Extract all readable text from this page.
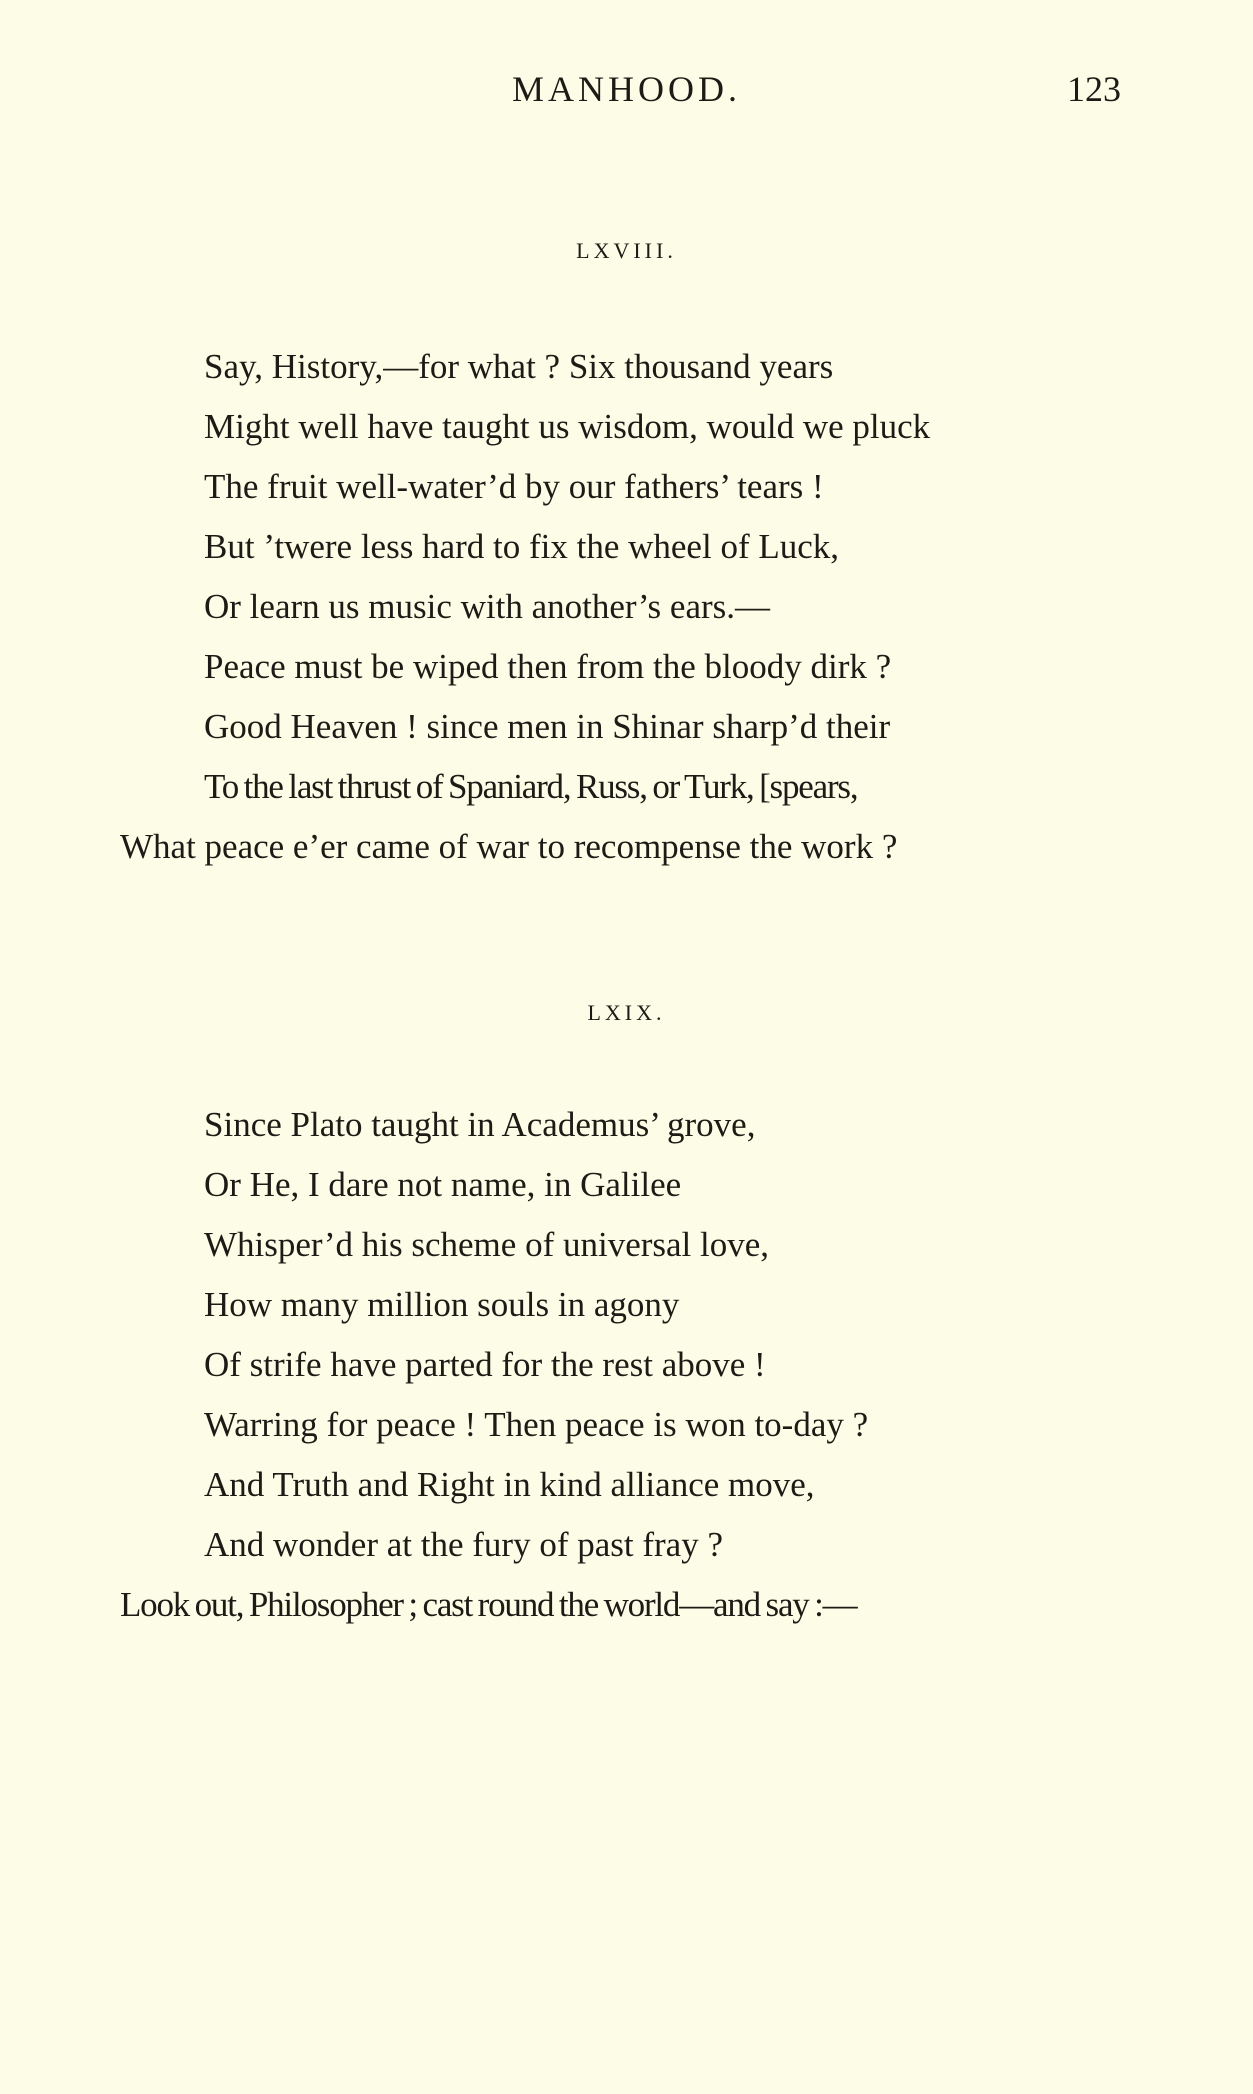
MANHOOD.	123
LXVIII.
Say, History,—for what ? Six thousand years
Might well have taught us wisdom, would we pluck
The fruit well-water’d by our fathers’ tears !
But ’twere less hard to fix the wheel of Luck,
Or learn us music with another’s ears.—
Peace must be wiped then from the bloody dirk ?
Good Heaven ! since men in Shinar sharp’d their
To the last thrust of Spaniard, Russ, or Turk, [spears,
What peace e’er came of war to recompense the work ?
LXIX.
Since Plato taught in Academus’ grove,
Or He, I dare not name, in Galilee
Whisper’d his scheme of universal love,
How many million souls in agony
Of strife have parted for the rest above !
Warring for peace ! Then peace is won to-day ?
And Truth and Right in kind alliance move,
And wonder at the fury of past fray ?
Look out, Philosopher ; cast round the world—and say :—
